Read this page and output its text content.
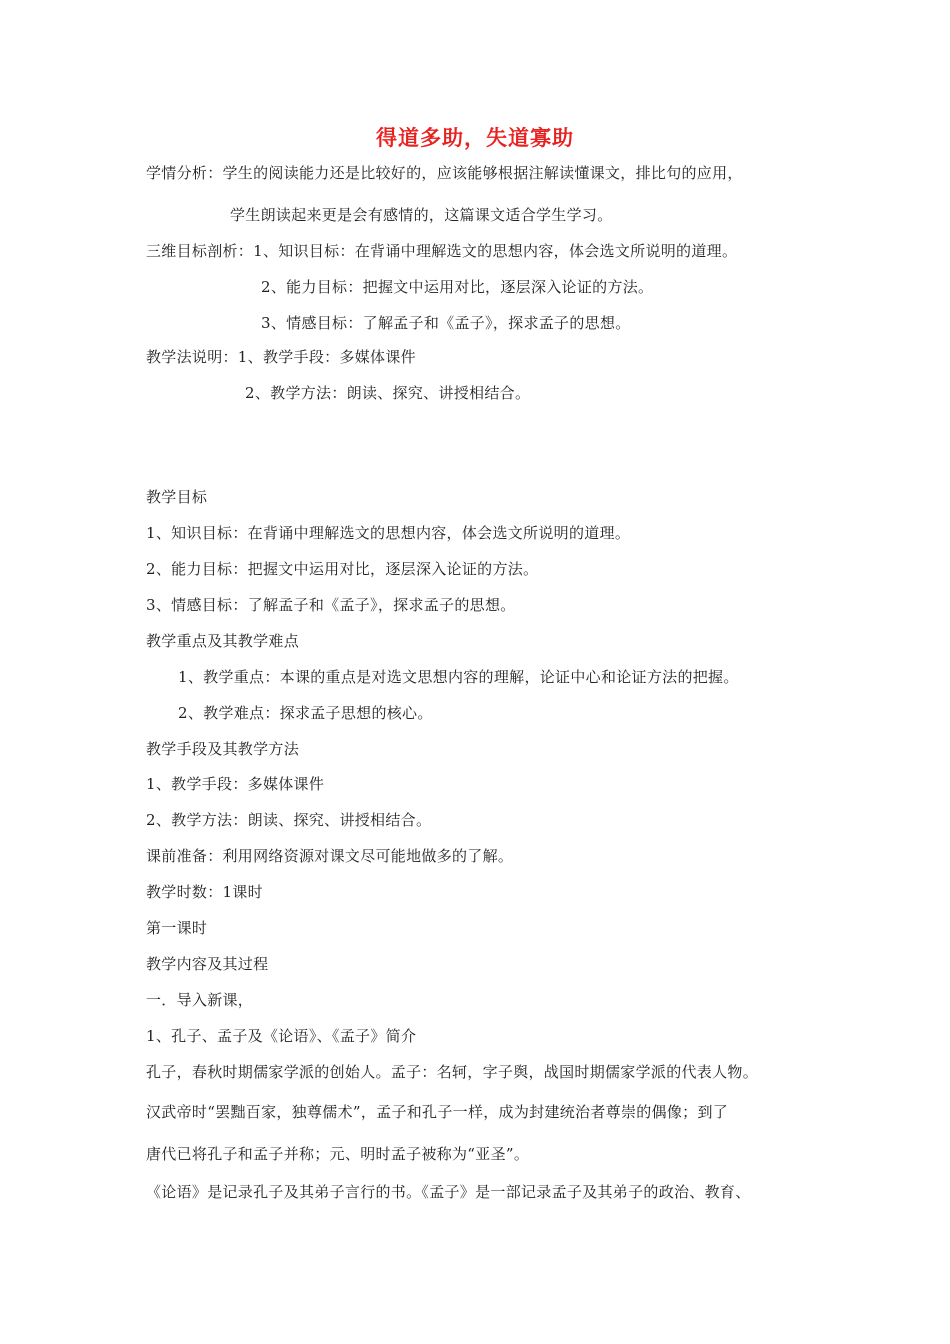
得道多助，失道寡助
学情分析：学生的阅读能力还是比较好的，应该能够根据注解读懂课文，排比句的应用，
学生朗读起来更是会有感情的，这篇课文适合学生学习。
三维目标剖析：1、知识目标：在背诵中理解选文的思想内容，体会选文所说明的道理。
2、能力目标：把握文中运用对比，逐层深入论证的方法。
3、情感目标：了解孟子和《孟子》，探求孟子的思想。
教学法说明：1、教学手段：多媒体课件
2、教学方法：朗读、探究、讲授相结合。
教学目标
1、知识目标：在背诵中理解选文的思想内容，体会选文所说明的道理。
2、能力目标：把握文中运用对比，逐层深入论证的方法。
3、情感目标：了解孟子和《孟子》，探求孟子的思想。
教学重点及其教学难点
1、教学重点：本课的重点是对选文思想内容的理解，论证中心和论证方法的把握。
2、教学难点：探求孟子思想的核心。
教学手段及其教学方法
1、教学手段：多媒体课件
2、教学方法：朗读、探究、讲授相结合。
课前准备：利用网络资源对课文尽可能地做多的了解。
教学时数：1课时
第一课时
教学内容及其过程
一．导入新课，
1、孔子、孟子及《论语》、《孟子》简介
孔子，春秋时期儒家学派的创始人。孟子：名轲，字子舆，战国时期儒家学派的代表人物。
汉武帝时“罢黜百家，独尊儒术”，孟子和孔子一样，成为封建统治者尊崇的偶像；到了
唐代已将孔子和孟子并称；元、明时孟子被称为“亚圣”。
《论语》是记录孔子及其弟子言行的书。《孟子》是一部记录孟子及其弟子的政治、教育、
